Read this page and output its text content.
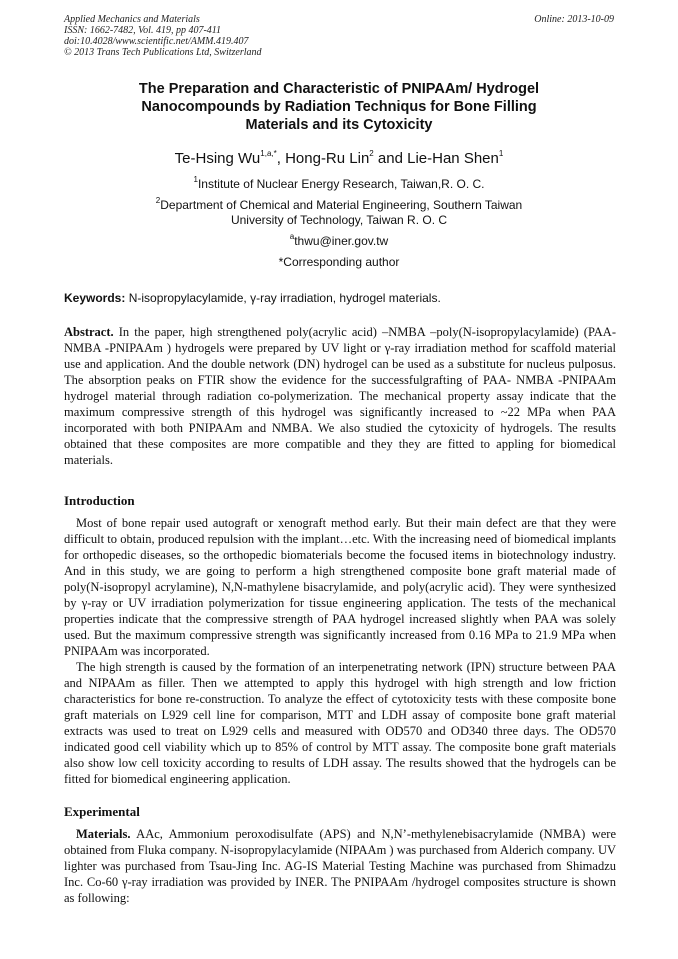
Applied Mechanics and Materials
ISSN: 1662-7482, Vol. 419, pp 407-411
doi:10.4028/www.scientific.net/AMM.419.407
© 2013 Trans Tech Publications Ltd, Switzerland
Online: 2013-10-09
The Preparation and Characteristic of PNIPAAm/ Hydrogel
Nanocompounds by Radiation Techniqus for Bone Filling
Materials and its Cytoxicity
Te-Hsing $Wu^{1,a,*}$, Hong-Ru Lin$^2$ and Lie-Han Shen$^1$
$^1$Institute of Nuclear Energy Research, Taiwan,R. O. C.
$^2$Department of Chemical and Material Engineering, Southern Taiwan
University of Technology, Taiwan R. O. C
$^a$thwu@iner.gov.tw
*Corresponding author
Keywords: N-isopropylacylamide, γ-ray irradiation, hydrogel materials.

Abstract. In the paper, high strengthened poly(acrylic acid) –NMBA –poly(N-isopropylacylamide) (PAA- NMBA -PNIPAAm ) hydrogels were prepared by UV light or γ-ray irradiation method for scaffold material use and application. And the double network (DN) hydrogel can be used as a substitute for nucleus pulposus. The absorption peaks on FTIR show the evidence for the successfulgrafting of PAA- NMBA -PNIPAAm hydrogel material through radiation co-polymerization. The mechanical property assay indicate that the maximum compressive strength of this hydrogel was significantly increased to ~22 MPa when PAA incorporated with both PNIPAAm and NMBA. We also studied the cytoxicity of hydrogels. The results obtained that these composites are more compatible and they they are fitted to appling for biomedical materials.

Introduction

Most of bone repair used autograft or xenograft method early. But their main defect are that they were difficult to obtain, produced repulsion with the implant…etc. With the increasing need of biomedical implants for orthopedic diseases, so the orthopedic biomaterials become the focused items in biotechnology industry. And in this study, we are going to perform a high strengthened composite bone graft material made of poly(N-isopropyl acrylamine), N,N-mathylene bisacrylamide, and poly(acrylic acid). They were synthesized by γ-ray or UV irradiation polymerization for tissue engineering application. The tests of the mechanical properties indicate that the compressive strength of PAA hydrogel increased slightly when PAA was solely used. But the maximum compressive strength was significantly increased from 0.16 MPa to 21.9 MPa when PNIPAAm was incorporated.

The high strength is caused by the formation of an interpenetrating network (IPN) structure between PAA and NIPAAm as filler. Then we attempted to apply this hydrogel with high strength and low friction characteristics for bone re-construction. To analyze the effect of cytotoxicity tests with these composite bone graft materials on L929 cell line for comparison, MTT and LDH assay of composite bone graft material extracts was used to treat on L929 cells and measured with OD570 and OD340 three days. The OD570 indicated good cell viability which up to 85% of control by MTT assay. The composite bone graft materials also show low cell toxicity according to results of LDH assay. The results showed that the hydrogels can be fitted for biomedical engineering application.

Experimental

Materials. AAc, Ammonium peroxodisulfate (APS) and N,N’-methylenebisacrylamide (NMBA) were obtained from Fluka company. N-isopropylacylamide (NIPAAm ) was purchased from Alderich company. UV lighter was purchased from Tsau-Jing Inc. AG-IS Material Testing Machine was purchased from Shimadzu Inc. Co-60 γ-ray irradiation was provided by INER. The PNIPAAm /hydrogel composites structure is shown as following:
